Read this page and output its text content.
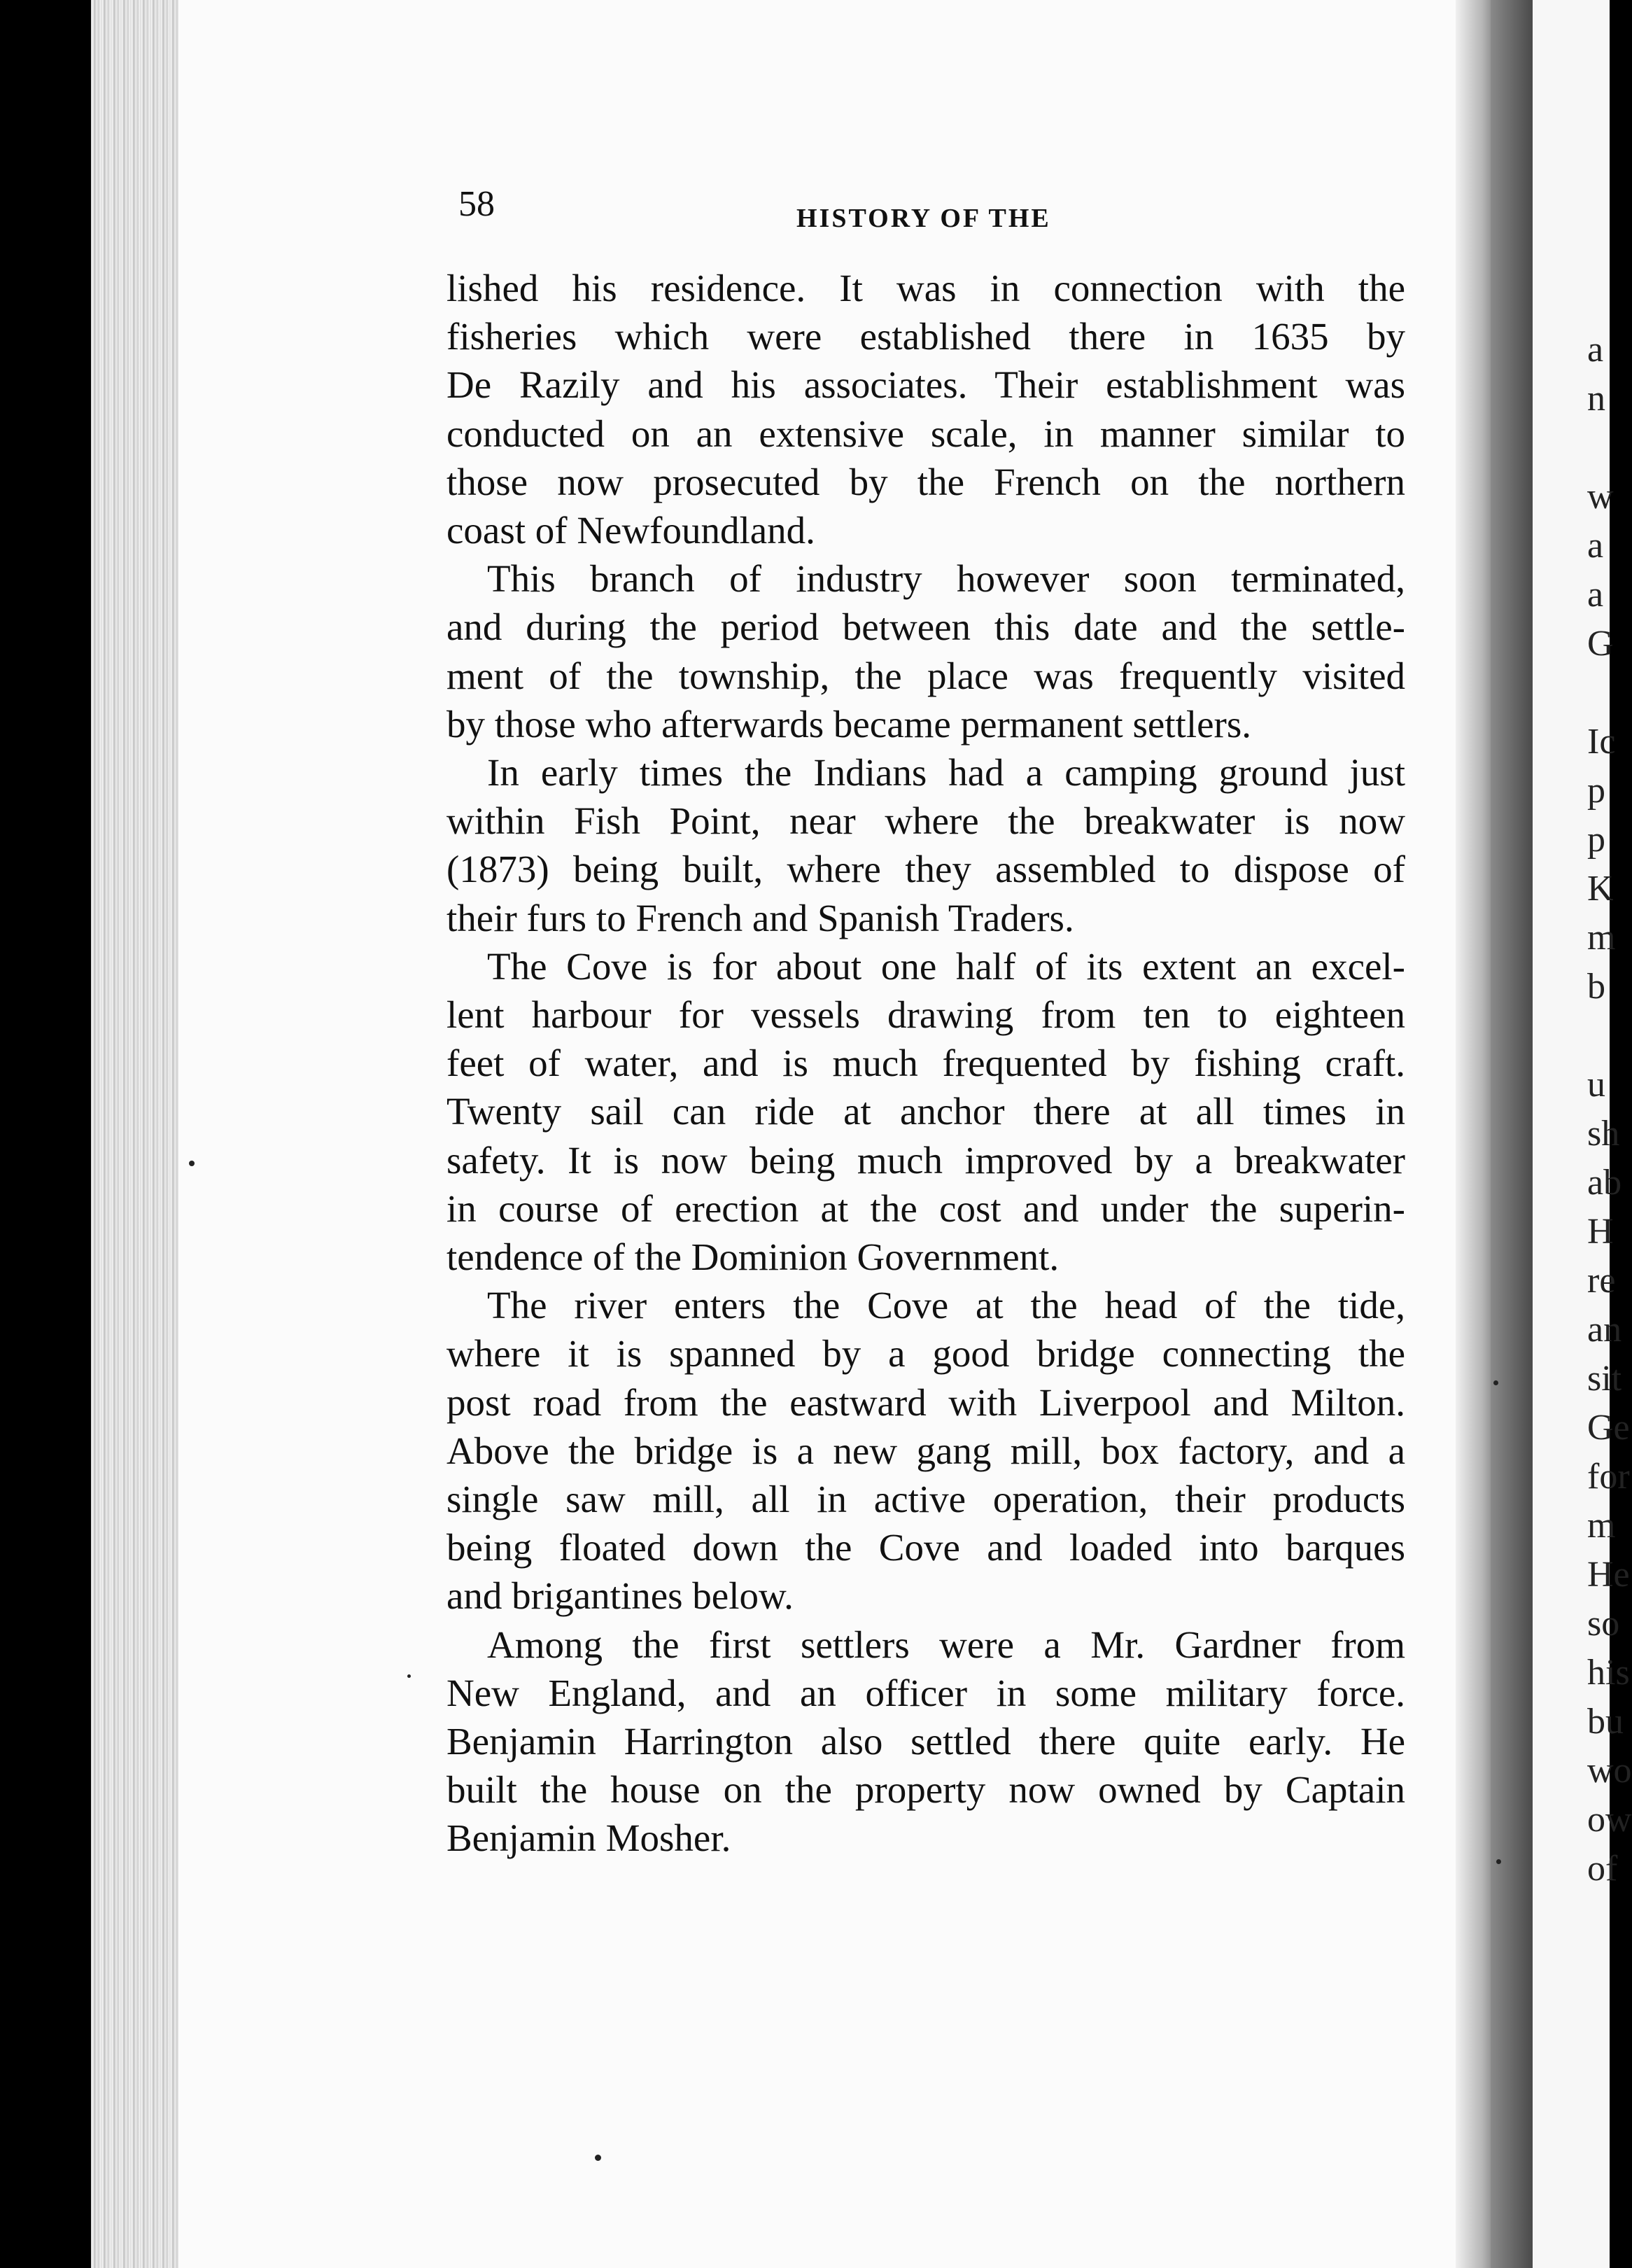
58	HISTORY OF THE
lished his residence. It was in connection with the
fisheries which were established there in 1635 by
De Razily and his associates. Their establishment was
conducted on an extensive scale, in manner similar to
those now prosecuted by the French on the northern
coast of Newfoundland.
This branch of industry however soon terminated,
and during the period between this date and the settle-
ment of the township, the place was frequently visited
by those who afterwards became permanent settlers.
In early times the Indians had a camping ground just
within Fish Point, near where the breakwater is now
(1873) being built, where they assembled to dispose of
their furs to French and Spanish Traders.
The Cove is for about one half of its extent an excel-
lent harbour for vessels drawing from ten to eighteen
feet of water, and is much frequented by fishing craft.
Twenty sail can ride at anchor there at all times in
safety. It is now being much improved by a breakwater
in course of erection at the cost and under the superin-
tendence of the Dominion Government.
The river enters the Cove at the head of the tide,
where it is spanned by a good bridge connecting the
post road from the eastward with Liverpool and Milton.
Above the bridge is a new gang mill, box factory, and a
single saw mill, all in active operation, their products
being floated down the Cove and loaded into barques
and brigantines below.
Among the first settlers were a Mr. Gardner from
New England, and an officer in some military force.
Benjamin Harrington also settled there quite early. He
built the house on the property now owned by Captain
Benjamin Mosher.
a
n
w
a
a
G
Ic
p
p
K
m
b
u
sh
ab
H
re
an
sit
Ge
for
m
He
so
his
bu
wo
ow
of
